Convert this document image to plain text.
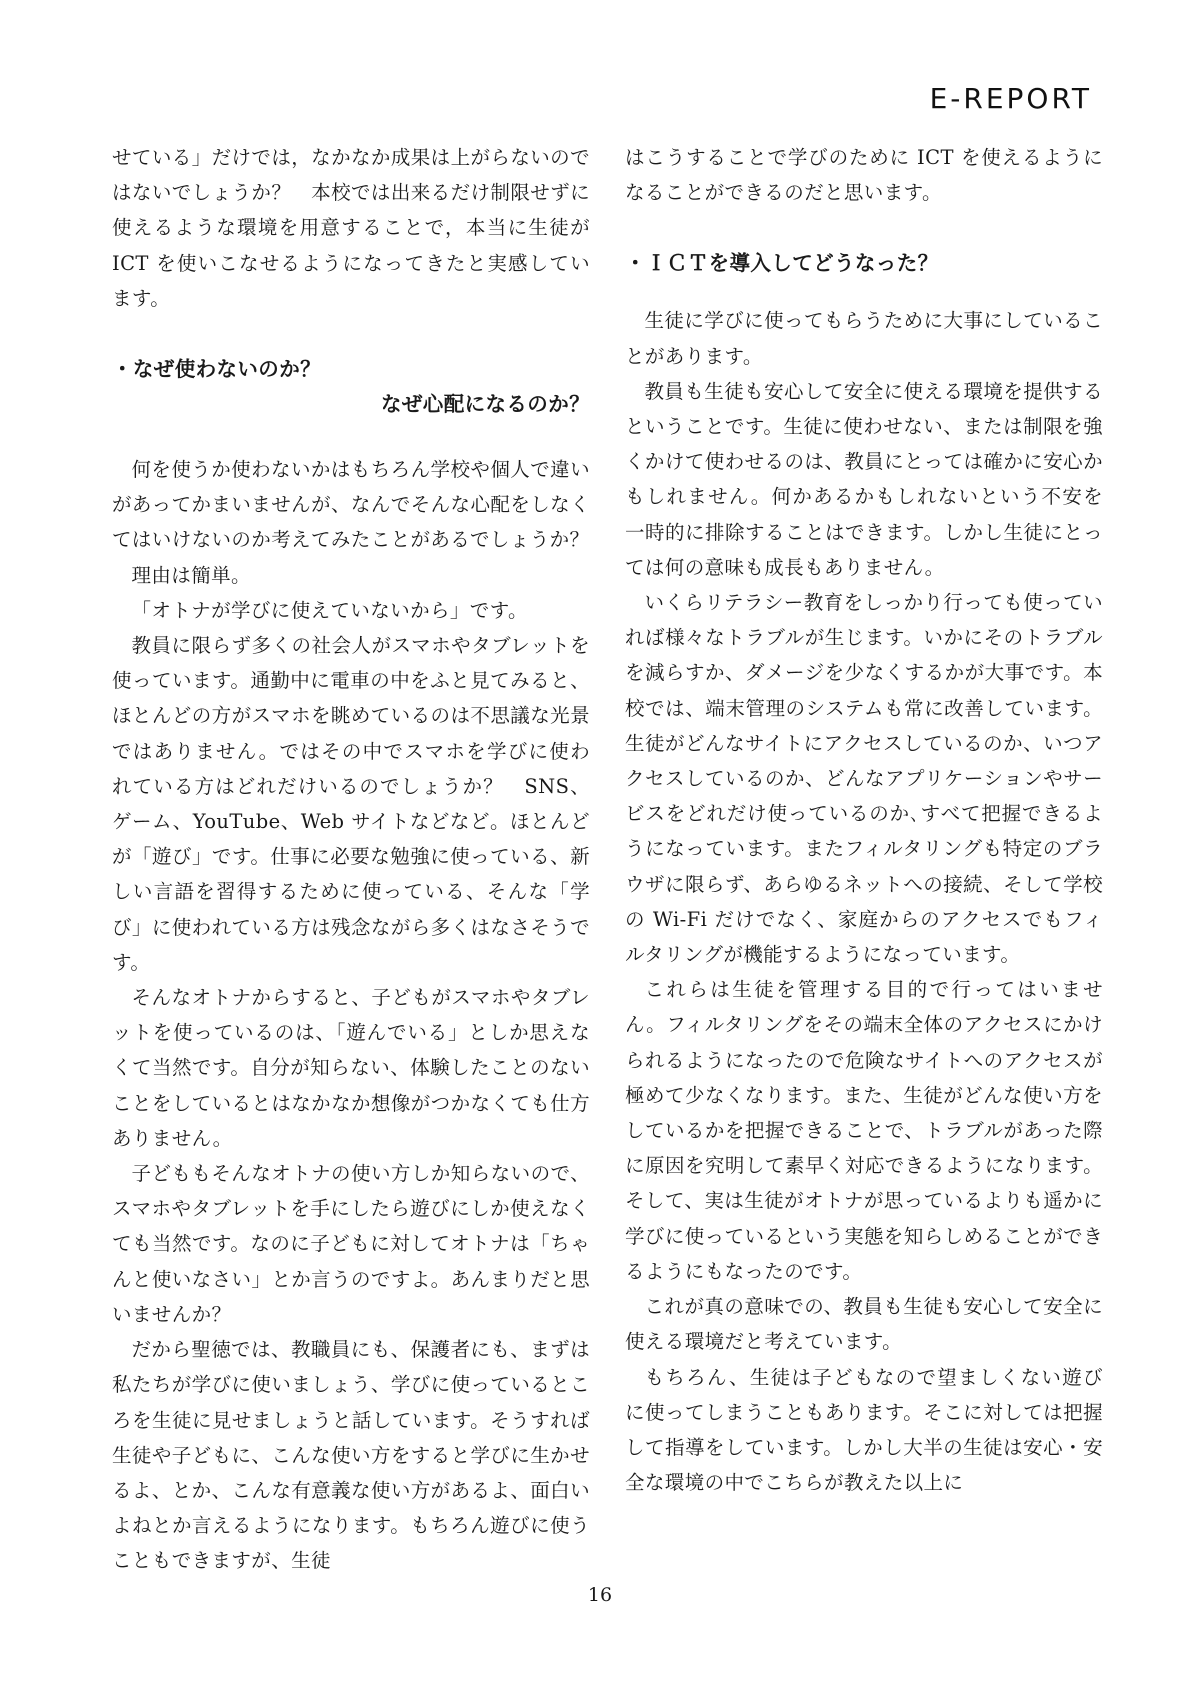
E-REPORT

せている」だけでは，なかなか成果は上がらないのではないでしょうか？　本校では出来るだけ制限せずに使えるような環境を用意することで，本当に生徒が ICT を使いこなせるようになってきたと実感しています。

・なぜ使わないのか？
なぜ心配になるのか？

何を使うか使わないかはもちろん学校や個人で違いがあってかまいませんが、なんでそんな心配をしなくてはいけないのか考えてみたことがあるでしょうか？

理由は簡単。

「オトナが学びに使えていないから」です。

教員に限らず多くの社会人がスマホやタブレットを使っています。通勤中に電車の中をふと見てみると、ほとんどの方がスマホを眺めているのは不思議な光景ではありません。ではその中でスマホを学びに使われている方はどれだけいるのでしょうか？　SNS、ゲーム、YouTube、Web サイトなどなど。ほとんどが「遊び」です。仕事に必要な勉強に使っている、新しい言語を習得するために使っている、そんな「学び」に使われている方は残念ながら多くはなさそうです。

そんなオトナからすると、子どもがスマホやタブレットを使っているのは、「遊んでいる」としか思えなくて当然です。自分が知らない、体験したことのないことをしているとはなかなか想像がつかなくても仕方ありません。

子どももそんなオトナの使い方しか知らないので、スマホやタブレットを手にしたら遊びにしか使えなくても当然です。なのに子どもに対してオトナは「ちゃんと使いなさい」とか言うのですよ。あんまりだと思いませんか？

だから聖徳では、教職員にも、保護者にも、まずは私たちが学びに使いましょう、学びに使っているところを生徒に見せましょうと話しています。そうすれば生徒や子どもに、こんな使い方をすると学びに生かせるよ、とか、こんな有意義な使い方があるよ、面白いよねとか言えるようになります。もちろん遊びに使うこともできますが、生徒

はこうすることで学びのために ICT を使えるようになることができるのだと思います。

・ＩＣＴを導入してどうなった？

生徒に学びに使ってもらうために大事にしていることがあります。

教員も生徒も安心して安全に使える環境を提供するということです。生徒に使わせない、または制限を強くかけて使わせるのは、教員にとっては確かに安心かもしれません。何かあるかもしれないという不安を一時的に排除することはできます。しかし生徒にとっては何の意味も成長もありません。

いくらリテラシー教育をしっかり行っても使っていれば様々なトラブルが生じます。いかにそのトラブルを減らすか、ダメージを少なくするかが大事です。本校では、端末管理のシステムも常に改善しています。生徒がどんなサイトにアクセスしているのか、いつアクセスしているのか、どんなアプリケーションやサービスをどれだけ使っているのか､すべて把握できるようになっています。またフィルタリングも特定のブラウザに限らず、あらゆるネットへの接続、そして学校の Wi-Fi だけでなく、家庭からのアクセスでもフィルタリングが機能するようになっています。

これらは生徒を管理する目的で行ってはいません。フィルタリングをその端末全体のアクセスにかけられるようになったので危険なサイトへのアクセスが極めて少なくなります。また、生徒がどんな使い方をしているかを把握できることで、トラブルがあった際に原因を究明して素早く対応できるようになります。そして、実は生徒がオトナが思っているよりも遥かに学びに使っているという実態を知らしめることができるようにもなったのです。

これが真の意味での、教員も生徒も安心して安全に使える環境だと考えています。

もちろん、生徒は子どもなので望ましくない遊びに使ってしまうこともあります。そこに対しては把握して指導をしています。しかし大半の生徒は安心・安全な環境の中でこちらが教えた以上に

16
